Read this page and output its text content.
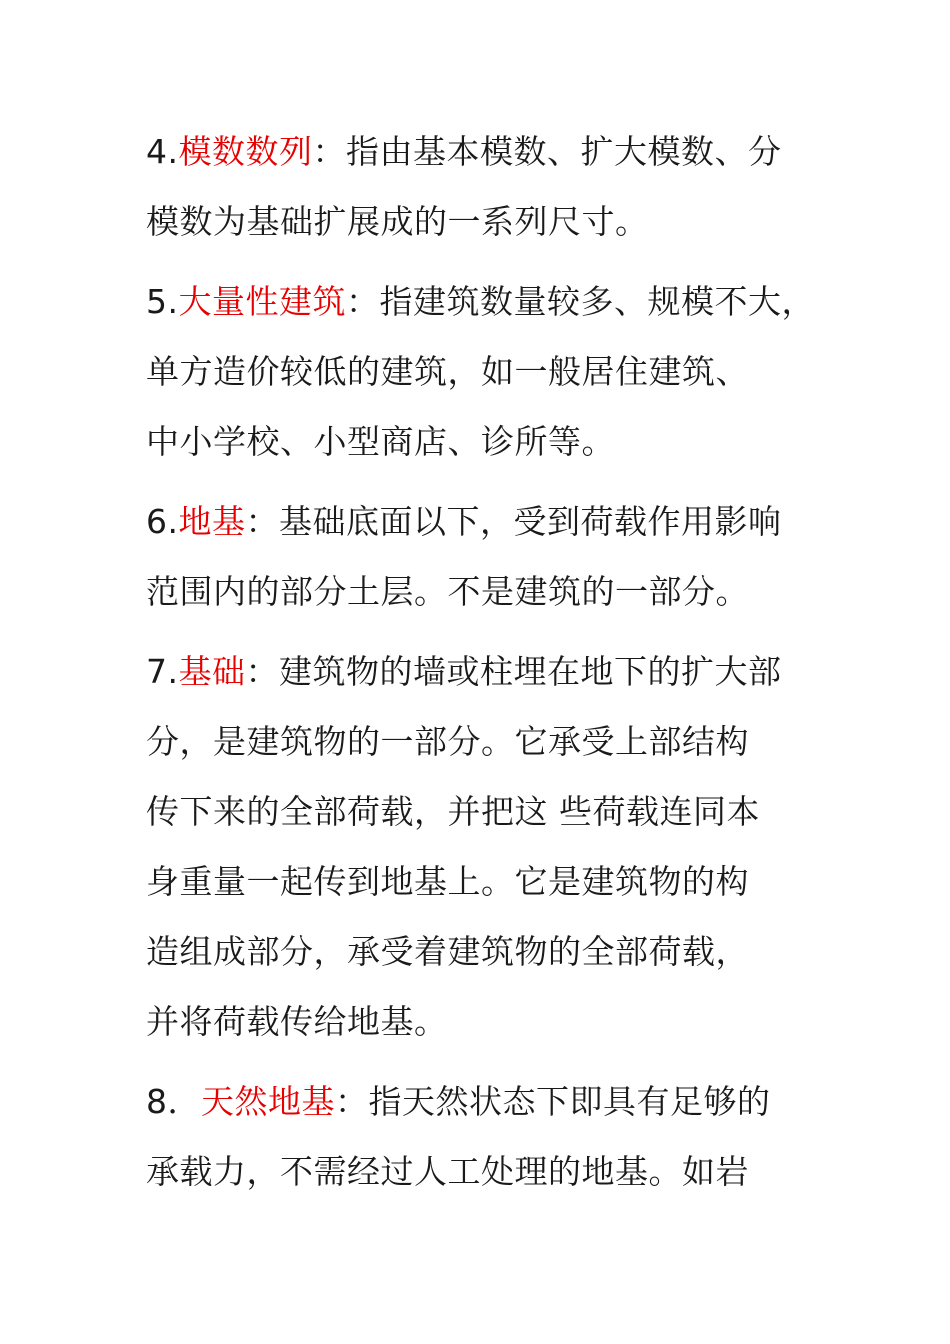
4.模数数列：指由基本模数、扩大模数、分
模数为基础扩展成的一系列尺寸。
5.大量性建筑：指建筑数量较多、规模不大，
单方造价较低的建筑，如一般居住建筑、
中小学校、小型商店、诊所等。
6.地基：基础底面以下，受到荷载作用影响
范围内的部分土层。不是建筑的一部分。
7.基础：建筑物的墙或柱埋在地下的扩大部
分，是建筑物的一部分。它承受上部结构
传下来的全部荷载，并把这 些荷载连同本
身重量一起传到地基上。它是建筑物的构
造组成部分，承受着建筑物的全部荷载，
并将荷载传给地基。
8．天然地基：指天然状态下即具有足够的
承载力，不需经过人工处理的地基。如岩
